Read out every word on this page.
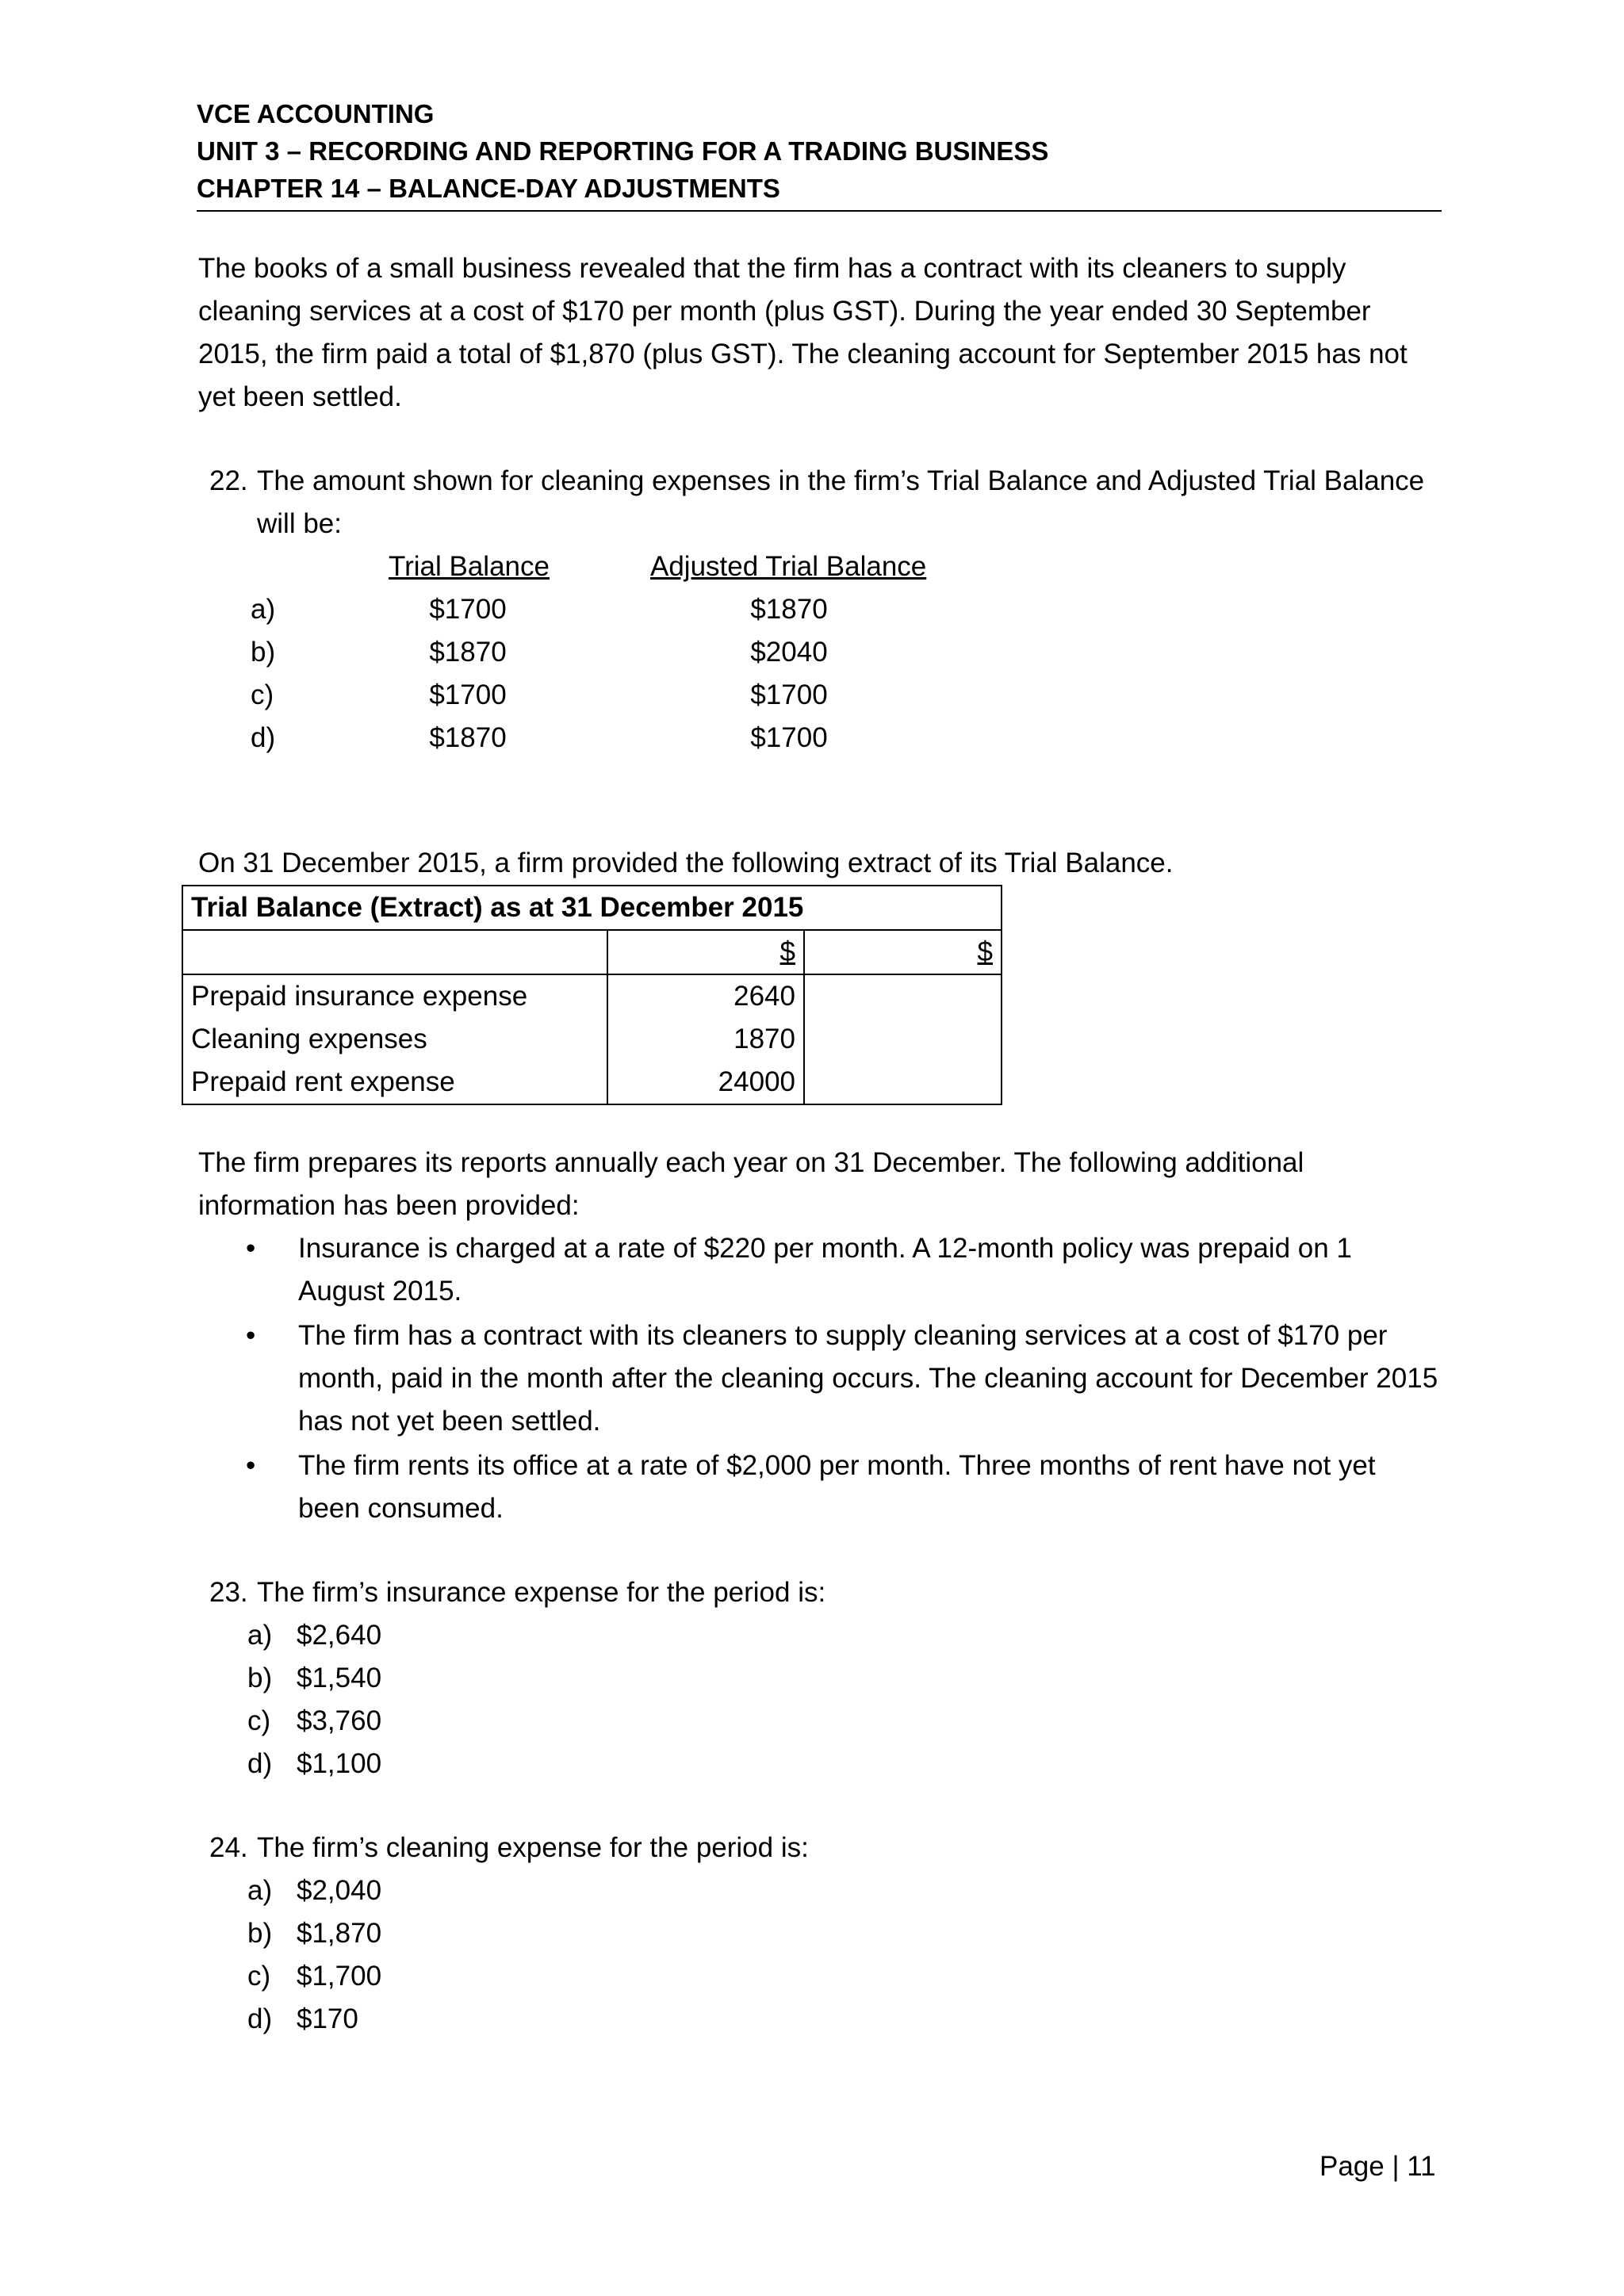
VCE ACCOUNTING
UNIT 3 – RECORDING AND REPORTING FOR A TRADING BUSINESS
CHAPTER 14 – BALANCE-DAY ADJUSTMENTS
The books of a small business revealed that the firm has a contract with its cleaners to supply cleaning services at a cost of $170 per month (plus GST). During the year ended 30 September 2015, the firm paid a total of $1,870 (plus GST). The cleaning account for September 2015 has not yet been settled.
22. The amount shown for cleaning expenses in the firm’s Trial Balance and Adjusted Trial Balance
will be:
Trial Balance	Adjusted Trial Balance
a)	$1700	$1870
b)	$1870	$2040
c)	$1700	$1700
d)	$1870	$1700
On 31 December 2015, a firm provided the following extract of its Trial Balance.
Trial Balance (Extract) as at 31 December 2015		
	$	$
Prepaid insurance expense	2640	
Cleaning expenses	1870	
Prepaid rent expense	24000	
The firm prepares its reports annually each year on 31 December. The following additional information has been provided:
• Insurance is charged at a rate of $220 per month. A 12-month policy was prepaid on 1 August 2015.
• The firm has a contract with its cleaners to supply cleaning services at a cost of $170 per month, paid in the month after the cleaning occurs. The cleaning account for December 2015 has not yet been settled.
• The firm rents its office at a rate of $2,000 per month. Three months of rent have not yet been consumed.
23. The firm’s insurance expense for the period is:
a) $2,640
b) $1,540
c) $3,760
d) $1,100
24. The firm’s cleaning expense for the period is:
a) $2,040
b) $1,870
c) $1,700
d) $170
Page | 11
